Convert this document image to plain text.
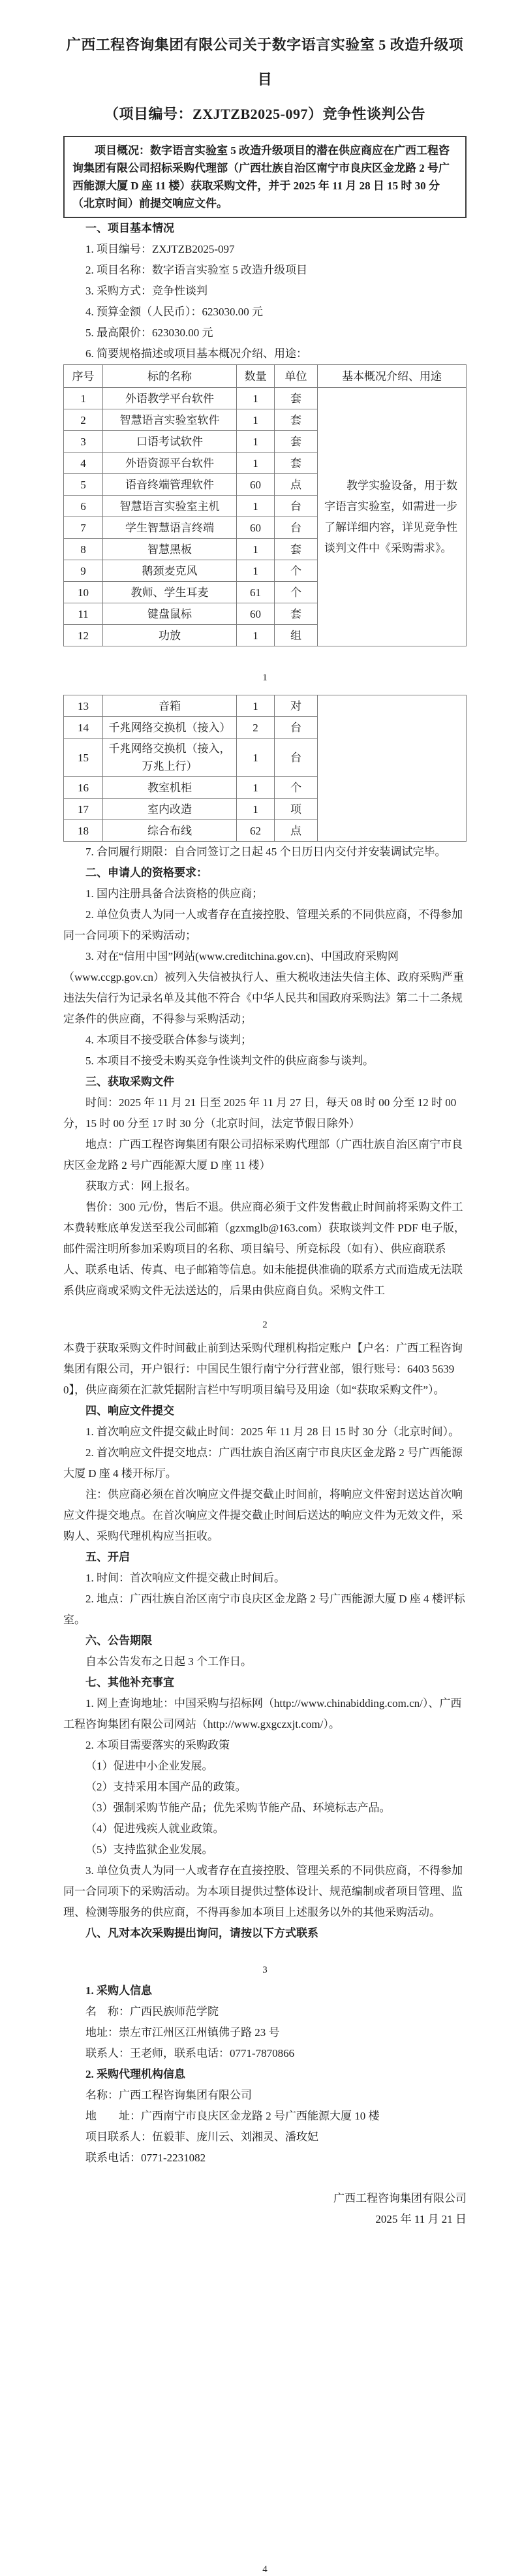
广西工程咨询集团有限公司关于数字语言实验室 5 改造升级项目
（项目编号：ZXJTZB2025-097）竞争性谈判公告

项目概况：数字语言实验室 5 改造升级项目的潜在供应商应在广西工程咨询集团有限公司招标采购代理部（广西壮族自治区南宁市良庆区金龙路 2 号广西能源大厦 D 座 11 楼）获取采购文件，并于 2025 年 11 月 28 日 15 时 30 分（北京时间）前提交响应文件。

一、项目基本情况

1. 项目编号：ZXJTZB2025-097

2. 项目名称：数字语言实验室 5 改造升级项目

3. 采购方式：竞争性谈判

4. 预算金额（人民币）：623030.00 元

5. 最高限价：623030.00 元

6. 简要规格描述或项目基本概况介绍、用途：

序号	标的名称	数量	单位	基本概况介绍、用途
1	外语教学平台软件	1	套	教学实验设备，用于数字语言实验室，如需进一步了解详细内容，详见竞争性谈判文件中《采购需求》。

2	智慧语言实验室软件	1	套	
3	口语考试软件	1	套	
4	外语资源平台软件	1	套	
5	语音终端管理软件	60	点	
6	智慧语言实验室主机	1	台	
7	学生智慧语言终端	60	台	
8	智慧黑板	1	套	
9	鹅颈麦克风	1	个	
10	教师、学生耳麦	61	个	
11	键盘鼠标	60	套	
12	功放	1	组	
1
13	音箱	1	对	
14	千兆网络交换机（接入）	2	台	
15	千兆网络交换机（接入，万兆上行）	1	台	
16	教室机柜	1	个	
17	室内改造	1	项	
18	综合布线	62	点	

7. 合同履行期限：自合同签订之日起 45 个日历日内交付并安装调试完毕。

二、申请人的资格要求：

1. 国内注册具备合法资格的供应商；

2. 单位负责人为同一人或者存在直接控股、管理关系的不同供应商，不得参加同一合同项下的采购活动；

3. 对在“信用中国”网站(www.creditchina.gov.cn)、中国政府采购网（www.ccgp.gov.cn）被列入失信被执行人、重大税收违法失信主体、政府采购严重违法失信行为记录名单及其他不符合《中华人民共和国政府采购法》第二十二条规定条件的供应商，不得参与采购活动；

4. 本项目不接受联合体参与谈判；

5. 本项目不接受未购买竞争性谈判文件的供应商参与谈判。

三、获取采购文件

时间：2025 年 11 月 21 日至 2025 年 11 月 27 日，每天 08 时 00 分至 12 时 00 分，15 时 00 分至 17 时 30 分（北京时间，法定节假日除外）

地点：广西工程咨询集团有限公司招标采购代理部（广西壮族自治区南宁市良庆区金龙路 2 号广西能源大厦 D 座 11 楼）

获取方式：网上报名。

售价：300 元/份，售后不退。供应商必须于文件发售截止时间前将采购文件工本费转账底单发送至我公司邮箱（gzxmglb@163.com）获取谈判文件 PDF 电子版，邮件需注明所参加采购项目的名称、项目编号、所竞标段（如有）、供应商联系人、联系电话、传真、电子邮箱等信息。如未能提供准确的联系方式而造成无法联系供应商或采购文件无法送达的，后果由供应商自负。采购文件工

2

本费于获取采购文件时间截止前到达采购代理机构指定账户【户名：广西工程咨询集团有限公司，开户银行：中国民生银行南宁分行营业部，银行账号：6403 5639 0】，供应商须在汇款凭据附言栏中写明项目编号及用途（如“获取采购文件”）。

四、响应文件提交

1. 首次响应文件提交截止时间：2025 年 11 月 28 日 15 时 30 分（北京时间）。

2. 首次响应文件提交地点：广西壮族自治区南宁市良庆区金龙路 2 号广西能源大厦 D 座 4 楼开标厅。

注：供应商必须在首次响应文件提交截止时间前，将响应文件密封送达首次响应文件提交地点。在首次响应文件提交截止时间后送达的响应文件为无效文件，采购人、采购代理机构应当拒收。

五、开启

1. 时间：首次响应文件提交截止时间后。

2. 地点：广西壮族自治区南宁市良庆区金龙路 2 号广西能源大厦 D 座 4 楼评标室。

六、公告期限

自本公告发布之日起 3 个工作日。

七、其他补充事宜

1. 网上查询地址：中国采购与招标网（http://www.chinabidding.com.cn/）、广西工程咨询集团有限公司网站（http://www.gxgczxjt.com/）。

2. 本项目需要落实的采购政策

（1）促进中小企业发展。

（2）支持采用本国产品的政策。

（3）强制采购节能产品；优先采购节能产品、环境标志产品。

（4）促进残疾人就业政策。

（5）支持监狱企业发展。

3. 单位负责人为同一人或者存在直接控股、管理关系的不同供应商，不得参加同一合同项下的采购活动。为本项目提供过整体设计、规范编制或者项目管理、监理、检测等服务的供应商，不得再参加本项目上述服务以外的其他采购活动。

八、凡对本次采购提出询问，请按以下方式联系

3

1. 采购人信息

名　称：广西民族师范学院

地址：崇左市江州区江州镇佛子路 23 号

联系人：王老师，联系电话：0771-7870866

2. 采购代理机构信息

名称：广西工程咨询集团有限公司

地　　址：广西南宁市良庆区金龙路 2 号广西能源大厦 10 楼

项目联系人：伍毅菲、庞川云、刘湘灵、潘玫妃

联系电话：0771-2231082

广西工程咨询集团有限公司
2025 年 11 月 21 日
4
